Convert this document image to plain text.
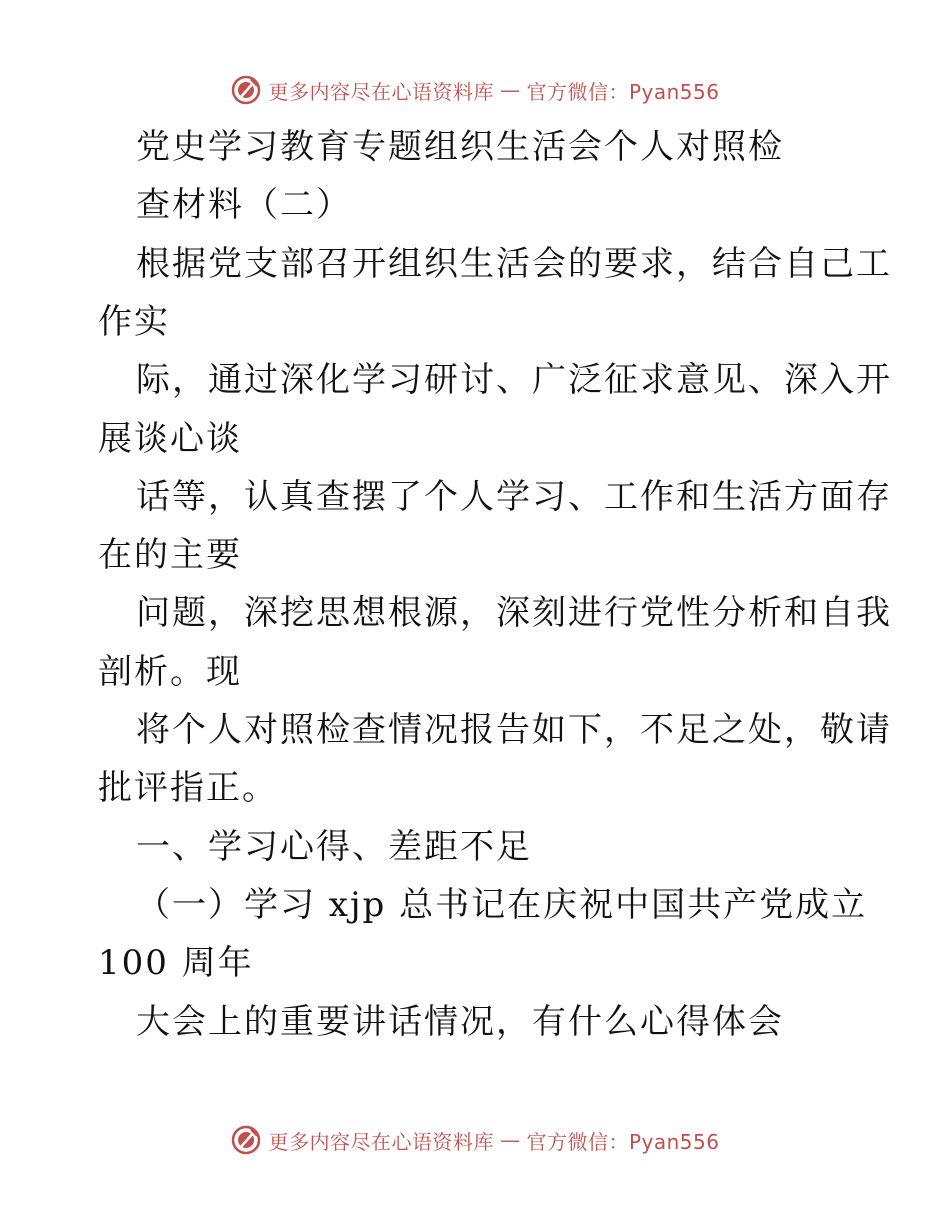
更多内容尽在心语资料库 — 官方微信：Pyan556
党史学习教育专题组织生活会个人对照检
查材料（二）
根据党支部召开组织生活会的要求，结合自己工
作实
际，通过深化学习研讨、广泛征求意见、深入开
展谈心谈
话等，认真查摆了个人学习、工作和生活方面存
在的主要
问题，深挖思想根源，深刻进行党性分析和自我
剖析。现
将个人对照检查情况报告如下，不足之处，敬请
批评指正。
一、学习心得、差距不足
（一）学习 xjp 总书记在庆祝中国共产党成立
100 周年
大会上的重要讲话情况，有什么心得体会
更多内容尽在心语资料库 — 官方微信：Pyan556
